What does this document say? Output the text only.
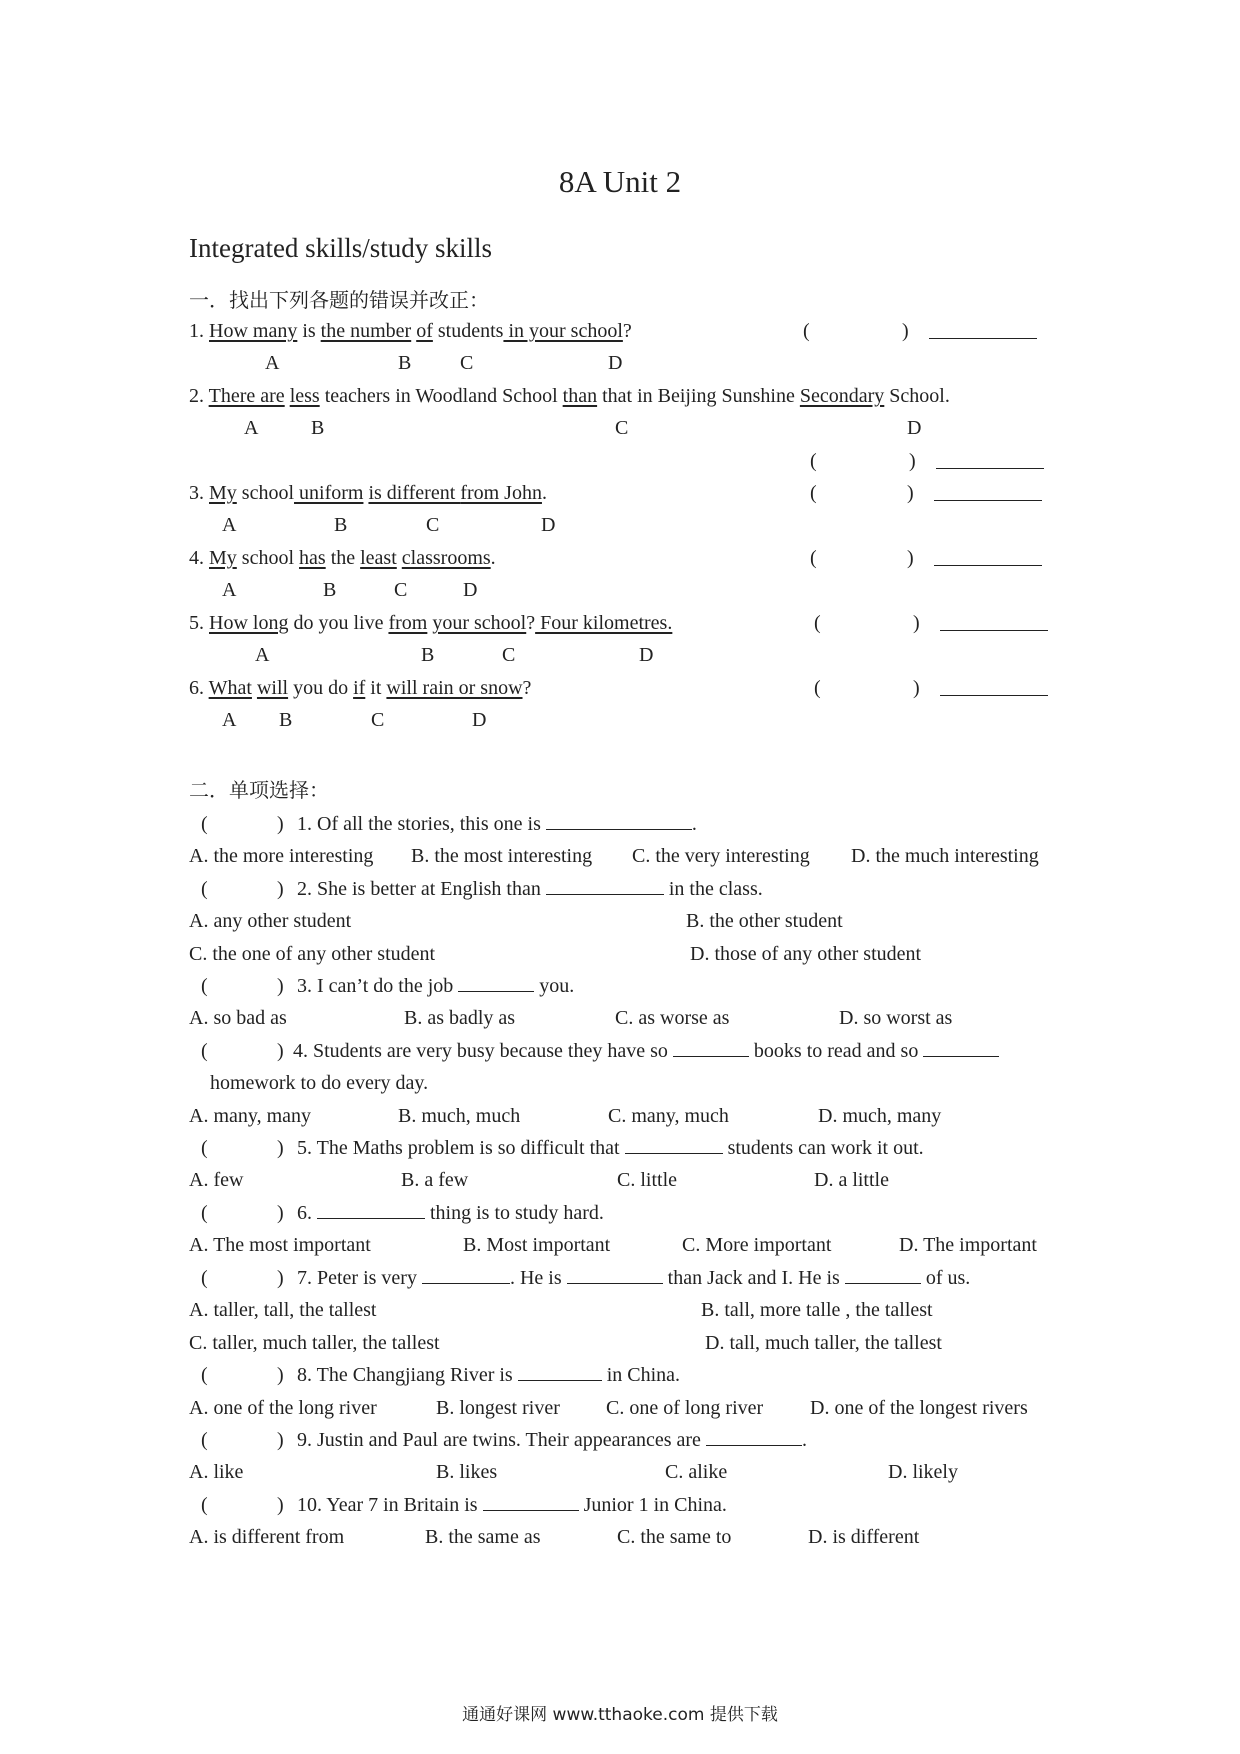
8A Unit 2
Integrated skills/study skills
一．找出下列各题的错误并改正：
1. How many is the number of students in your school?	(	)
A	B C	D
2. There are less teachers in Woodland School than that in Beijing Sunshine Secondary School.
A	B	C	D
(	)
3. My school uniform is different from John.	(	)
A	B	C	D
4. My school has the least classrooms.	(	)
A	B	C	D
5. How long do you live from your school? Four kilometres.	(	)
A	B	C	D
6. What will you do if it will rain or snow?	(	)
A B	C	D
二．单项选择：
(	) 1. Of all the stories, this one is	.
A. the more interesting B. the most interesting C. the very interesting D. the much interesting
(	) 2. She is better at English than	in the class.
A. any other student	B. the other student
C. the one of any other student	D. those of any other student
(	) 3. I can’t do the job	you.
A. so bad as	B. as badly as	C. as worse as	D. so worst as
(	) 4. Students are very busy because they have so	books to read and so
homework to do every day.
A. many, many	B. much, much	C. many, much	D. much, many
(	) 5. The Maths problem is so difficult that	students can work it out.
A. few	B. a few	C. little	D. a little
(	) 6.	thing is to study hard.
A. The most important	B. Most important	C. More important	D. The important
(	) 7. Peter is very	. He is	than Jack and I. He is	of us.
A. taller, tall, the tallest	B. tall, more talle , the tallest
C. taller, much taller, the tallest	D. tall, much taller, the tallest
(	) 8. The Changjiang River is	in China.
A. one of the long river	B. longest river C. one of long river D. one of the longest rivers
(	) 9. Justin and Paul are twins. Their appearances are	.
A. like	B. likes	C. alike	D. likely
(	) 10. Year 7 in Britain is	Junior 1 in China.
A. is different from	B. the same as	C. the same to	D. is different
通通好课网 www.tthaoke.com 提供下载
